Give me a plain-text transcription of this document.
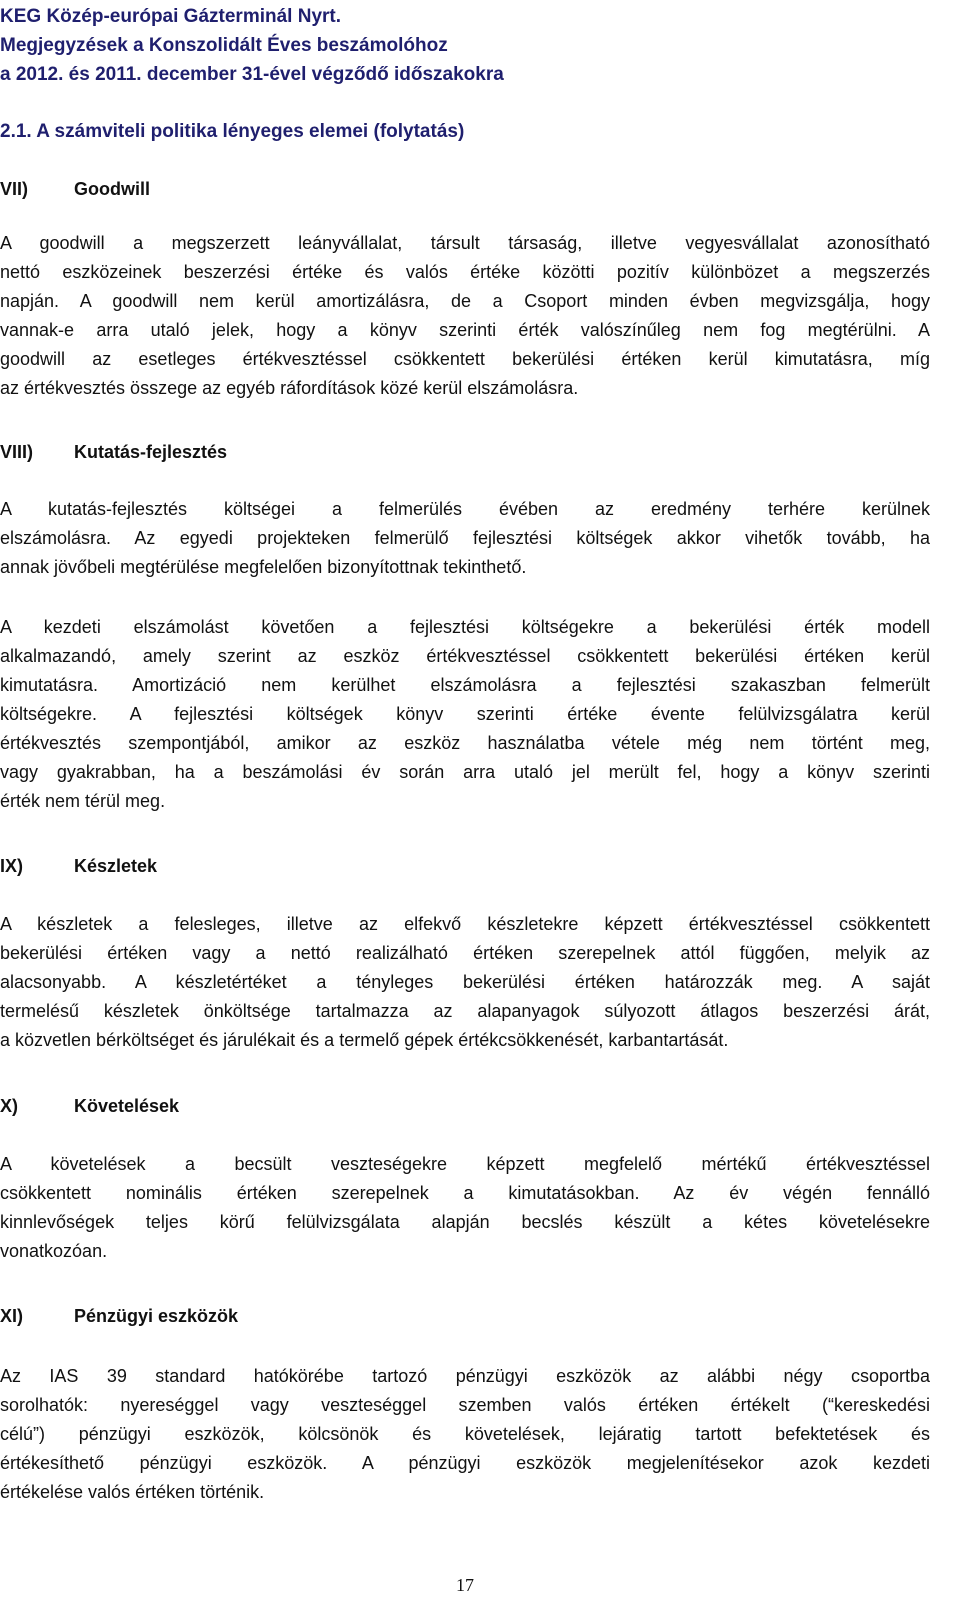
KEG Közép-európai Gázterminál Nyrt.
Megjegyzések a Konszolidált Éves beszámolóhoz
a 2012. és 2011. december 31-ével végződő időszakokra
2.1. A számviteli politika lényeges elemei (folytatás)
VII)	Goodwill
A goodwill a megszerzett leányvállalat, társult társaság, illetve vegyesvállalat azonosítható
nettó eszközeinek beszerzési értéke és valós értéke közötti pozitív különbözet a megszerzés
napján. A goodwill nem kerül amortizálásra, de a Csoport minden évben megvizsgálja, hogy
vannak-e arra utaló jelek, hogy a könyv szerinti érték valószínűleg nem fog megtérülni. A
goodwill az esetleges értékvesztéssel csökkentett bekerülési értéken kerül kimutatásra, míg
az értékvesztés összege az egyéb ráfordítások közé kerül elszámolásra.
VIII) Kutatás-fejlesztés
A kutatás-fejlesztés költségei a felmerülés évében az eredmény terhére kerülnek
elszámolásra. Az egyedi projekteken felmerülő fejlesztési költségek akkor vihetők tovább, ha
annak jövőbeli megtérülése megfelelően bizonyítottnak tekinthető.
A kezdeti elszámolást követően a fejlesztési költségekre a bekerülési érték modell
alkalmazandó, amely szerint az eszköz értékvesztéssel csökkentett bekerülési értéken kerül
kimutatásra. Amortizáció nem kerülhet elszámolásra a fejlesztési szakaszban felmerült
költségekre. A fejlesztési költségek könyv szerinti értéke évente felülvizsgálatra kerül
értékvesztés szempontjából, amikor az eszköz használatba vétele még nem történt meg,
vagy gyakrabban, ha a beszámolási év során arra utaló jel merült fel, hogy a könyv szerinti
érték nem térül meg.
IX)	Készletek
A készletek a felesleges, illetve az elfekvő készletekre képzett értékvesztéssel csökkentett
bekerülési értéken vagy a nettó realizálható értéken szerepelnek attól függően, melyik az
alacsonyabb. A készletértéket a tényleges bekerülési értéken határozzák meg. A saját
termelésű készletek önköltsége tartalmazza az alapanyagok súlyozott átlagos beszerzési árát,
a közvetlen bérköltséget és járulékait és a termelő gépek értékcsökkenését, karbantartását.
X)	Követelések
A követelések a becsült veszteségekre képzett megfelelő mértékű értékvesztéssel
csökkentett nominális értéken szerepelnek a kimutatásokban. Az év végén fennálló
kinnlevőségek teljes körű felülvizsgálata alapján becslés készült a kétes követelésekre
vonatkozóan.
XI)	Pénzügyi eszközök
Az IAS 39 standard hatókörébe tartozó pénzügyi eszközök az alábbi négy csoportba
sorolhatók: nyereséggel vagy veszteséggel szemben valós értéken értékelt (“kereskedési
célú”) pénzügyi eszközök, kölcsönök és követelések, lejáratig tartott befektetések és
értékesíthető pénzügyi eszközök. A pénzügyi eszközök megjelenítésekor azok kezdeti
értékelése valós értéken történik.
17
